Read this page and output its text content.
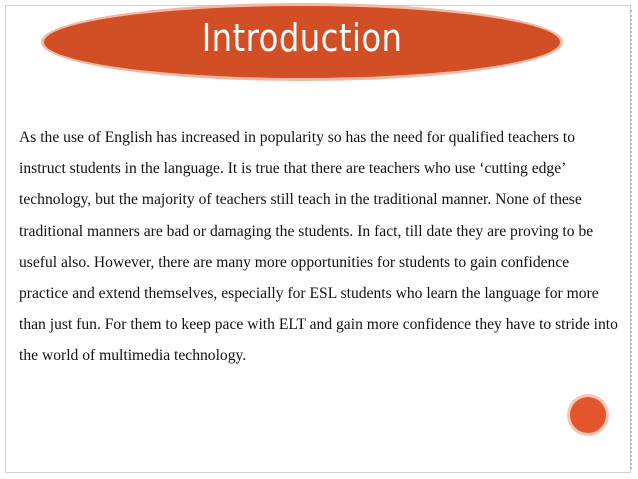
Introduction

As the use of English has increased in popularity so has the need for qualified teachers to instruct students in the language. It is true that there are teachers who use ‘cutting edge’ technology, but the majority of teachers still teach in the traditional manner. None of these traditional manners are bad or damaging the students. In fact, till date they are proving to be useful also. However, there are many more opportunities for students to gain confidence practice and extend themselves, especially for ESL students who learn the language for more than just fun. For them to keep pace with ELT and gain more confidence they have to stride into the world of multimedia technology.
